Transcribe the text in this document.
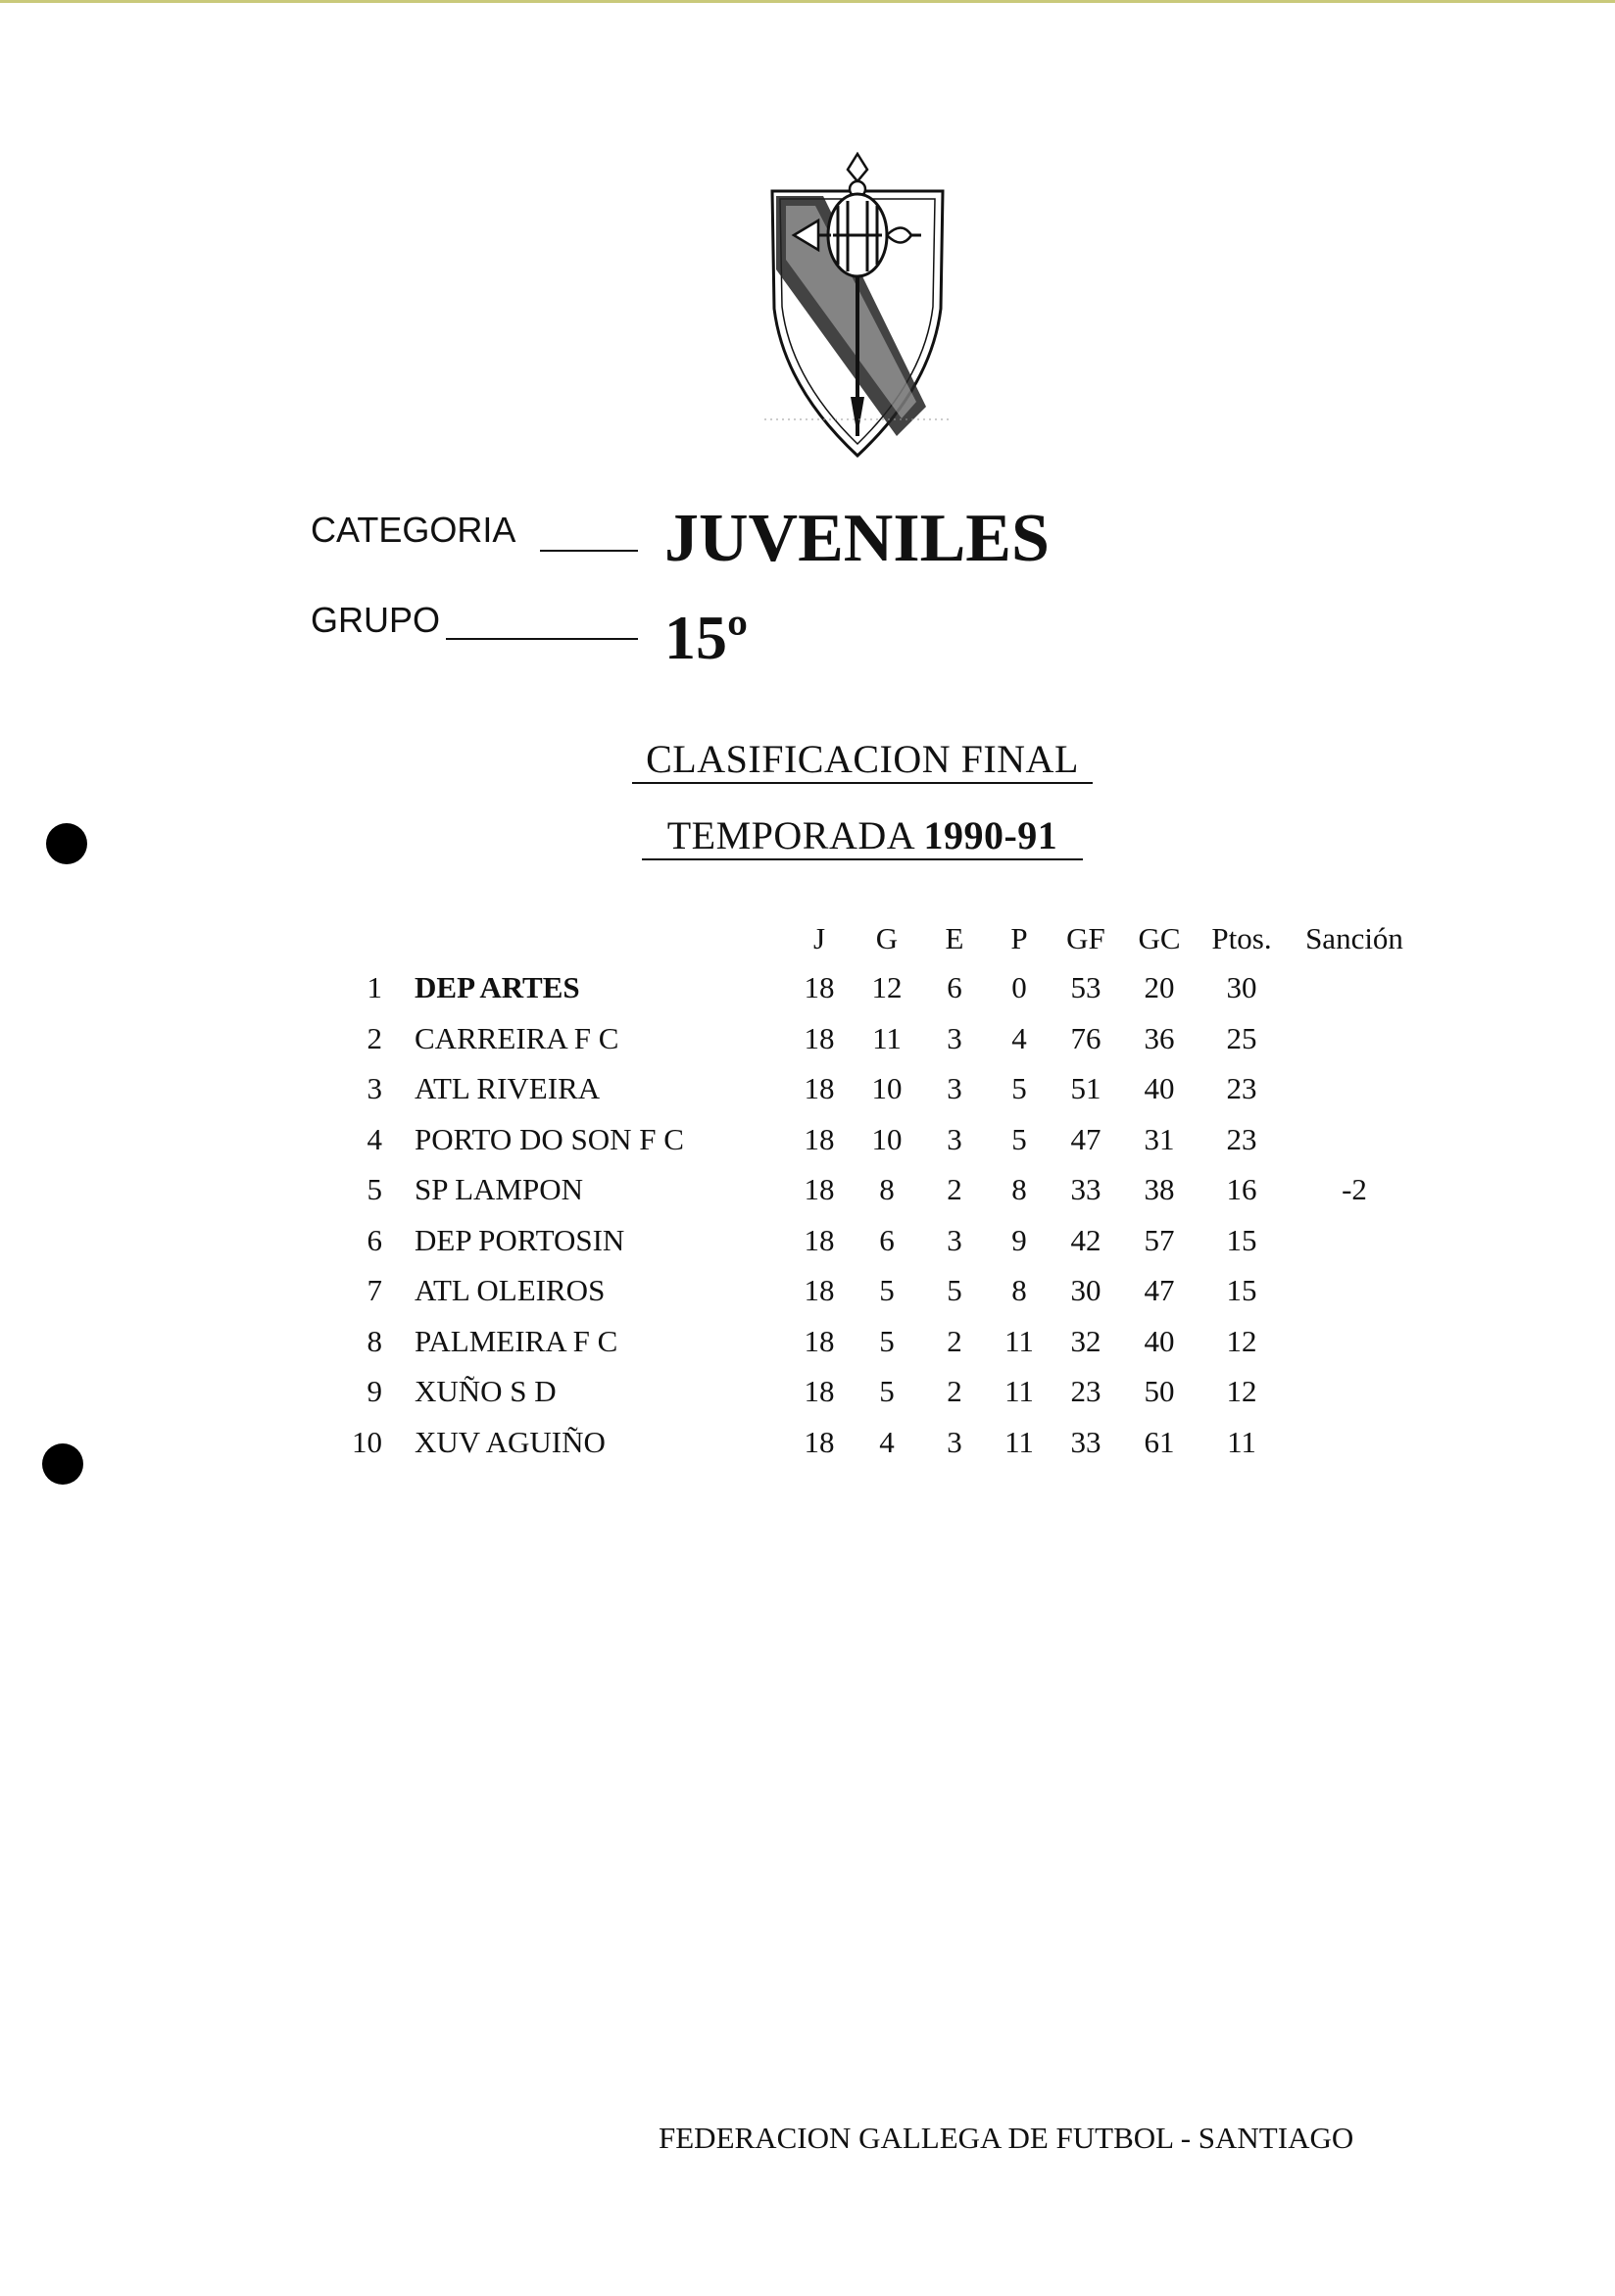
CATEGORIA JUVENILES
GRUPO	15º
CLASIFICACION FINAL
TEMPORADA 1990-91
J	G	E	P	GF	GC	Ptos.	Sanción
1 DEP ARTES	18	12	6	0	53	20	30
2 CARREIRA F C	18	11	3	4	76	36	25
3 ATL RIVEIRA	18	10	3	5	51	40	23
4 PORTO DO SON F C	18	10	3	5	47	31	23
5 SP LAMPON	18	8	2	8	33	38	16	-2
6 DEP PORTOSIN	18	6	3	9	42	57	15
7 ATL OLEIROS	18	5	5	8	30	47	15
8 PALMEIRA F C	18	5	2	11	32	40	12
9 XUÑO S D	18	5	2	11	23	50	12
10 XUV AGUIÑO	18	4	3	11	33	61	11
FEDERACION GALLEGA DE FUTBOL - SANTIAGO
